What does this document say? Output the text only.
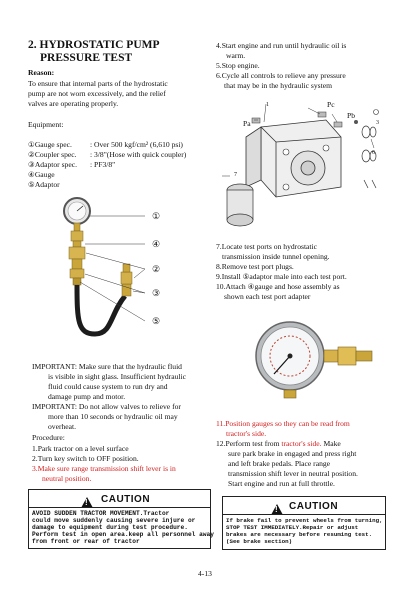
2. HYDROSTATIC PUMP
PRESSURE TEST
Reason:
To ensure that internal parts of the hydrostatic
pump are not worn excessively, and the relief
valves are operating properly.
Equipment:
①Gauge spec. : Over 500 kgf/cm² (6,610 psi)
②Coupler spec. : 3/8"(Hose with quick coupler)
③Adaptor spec. : PF3/8"
④Gauge
⑤Adaptor
①
④
②
③
⑤
IMPORTANT: Make sure that the hydraulic fluid
is visible in sight glass. Insufficient hydraulic
fluid could cause system to run dry and
damage pump and motor.
IMPORTANT: Do not allow valves to relieve for
more than 10 seconds or hydraulic oil may
overheat.
Procedure:
1.Park tractor on a level surface
2.Turn key switch to OFF position.
3.Make sure range transmission shift lever is in
neutral position.
! CAUTION
AVOID SUDDEN TRACTOR MOVEMENT.Tractor
could move suddenly causing severe injure or
damage to equipment during test procedure.
Perform test in open area.keep all personnel away
from front or rear of tractor
4.Start engine and run until hydraulic oil is
warm.
5.Stop engine.
6.Cycle all controls to relieve any pressure
that may be in the hydraulic system
1	Pc
Pb
Pa	3
6
7
7.Locate test ports on hydrostatic
transmission inside tunnel opening.
8.Remove test port plugs.
9.Install ⑤adaptor male into each test port.
10.Attach ④gauge and hose assembly as
shown each test port adapter
11.Position gauges so they can be read from
tractor's side.
12.Perform test from tractor's side. Make
sure park brake in engaged and press right
and left brake pedals. Place range
transmission shift lever in neutral position.
Start engine and run at full throttle.
! CAUTION
If brake fail to prevent wheels from turning,
STOP TEST IMMEDIATELY.Repair or adjust
brakes are necessary before resuming test.
(See brake section)
4-13
